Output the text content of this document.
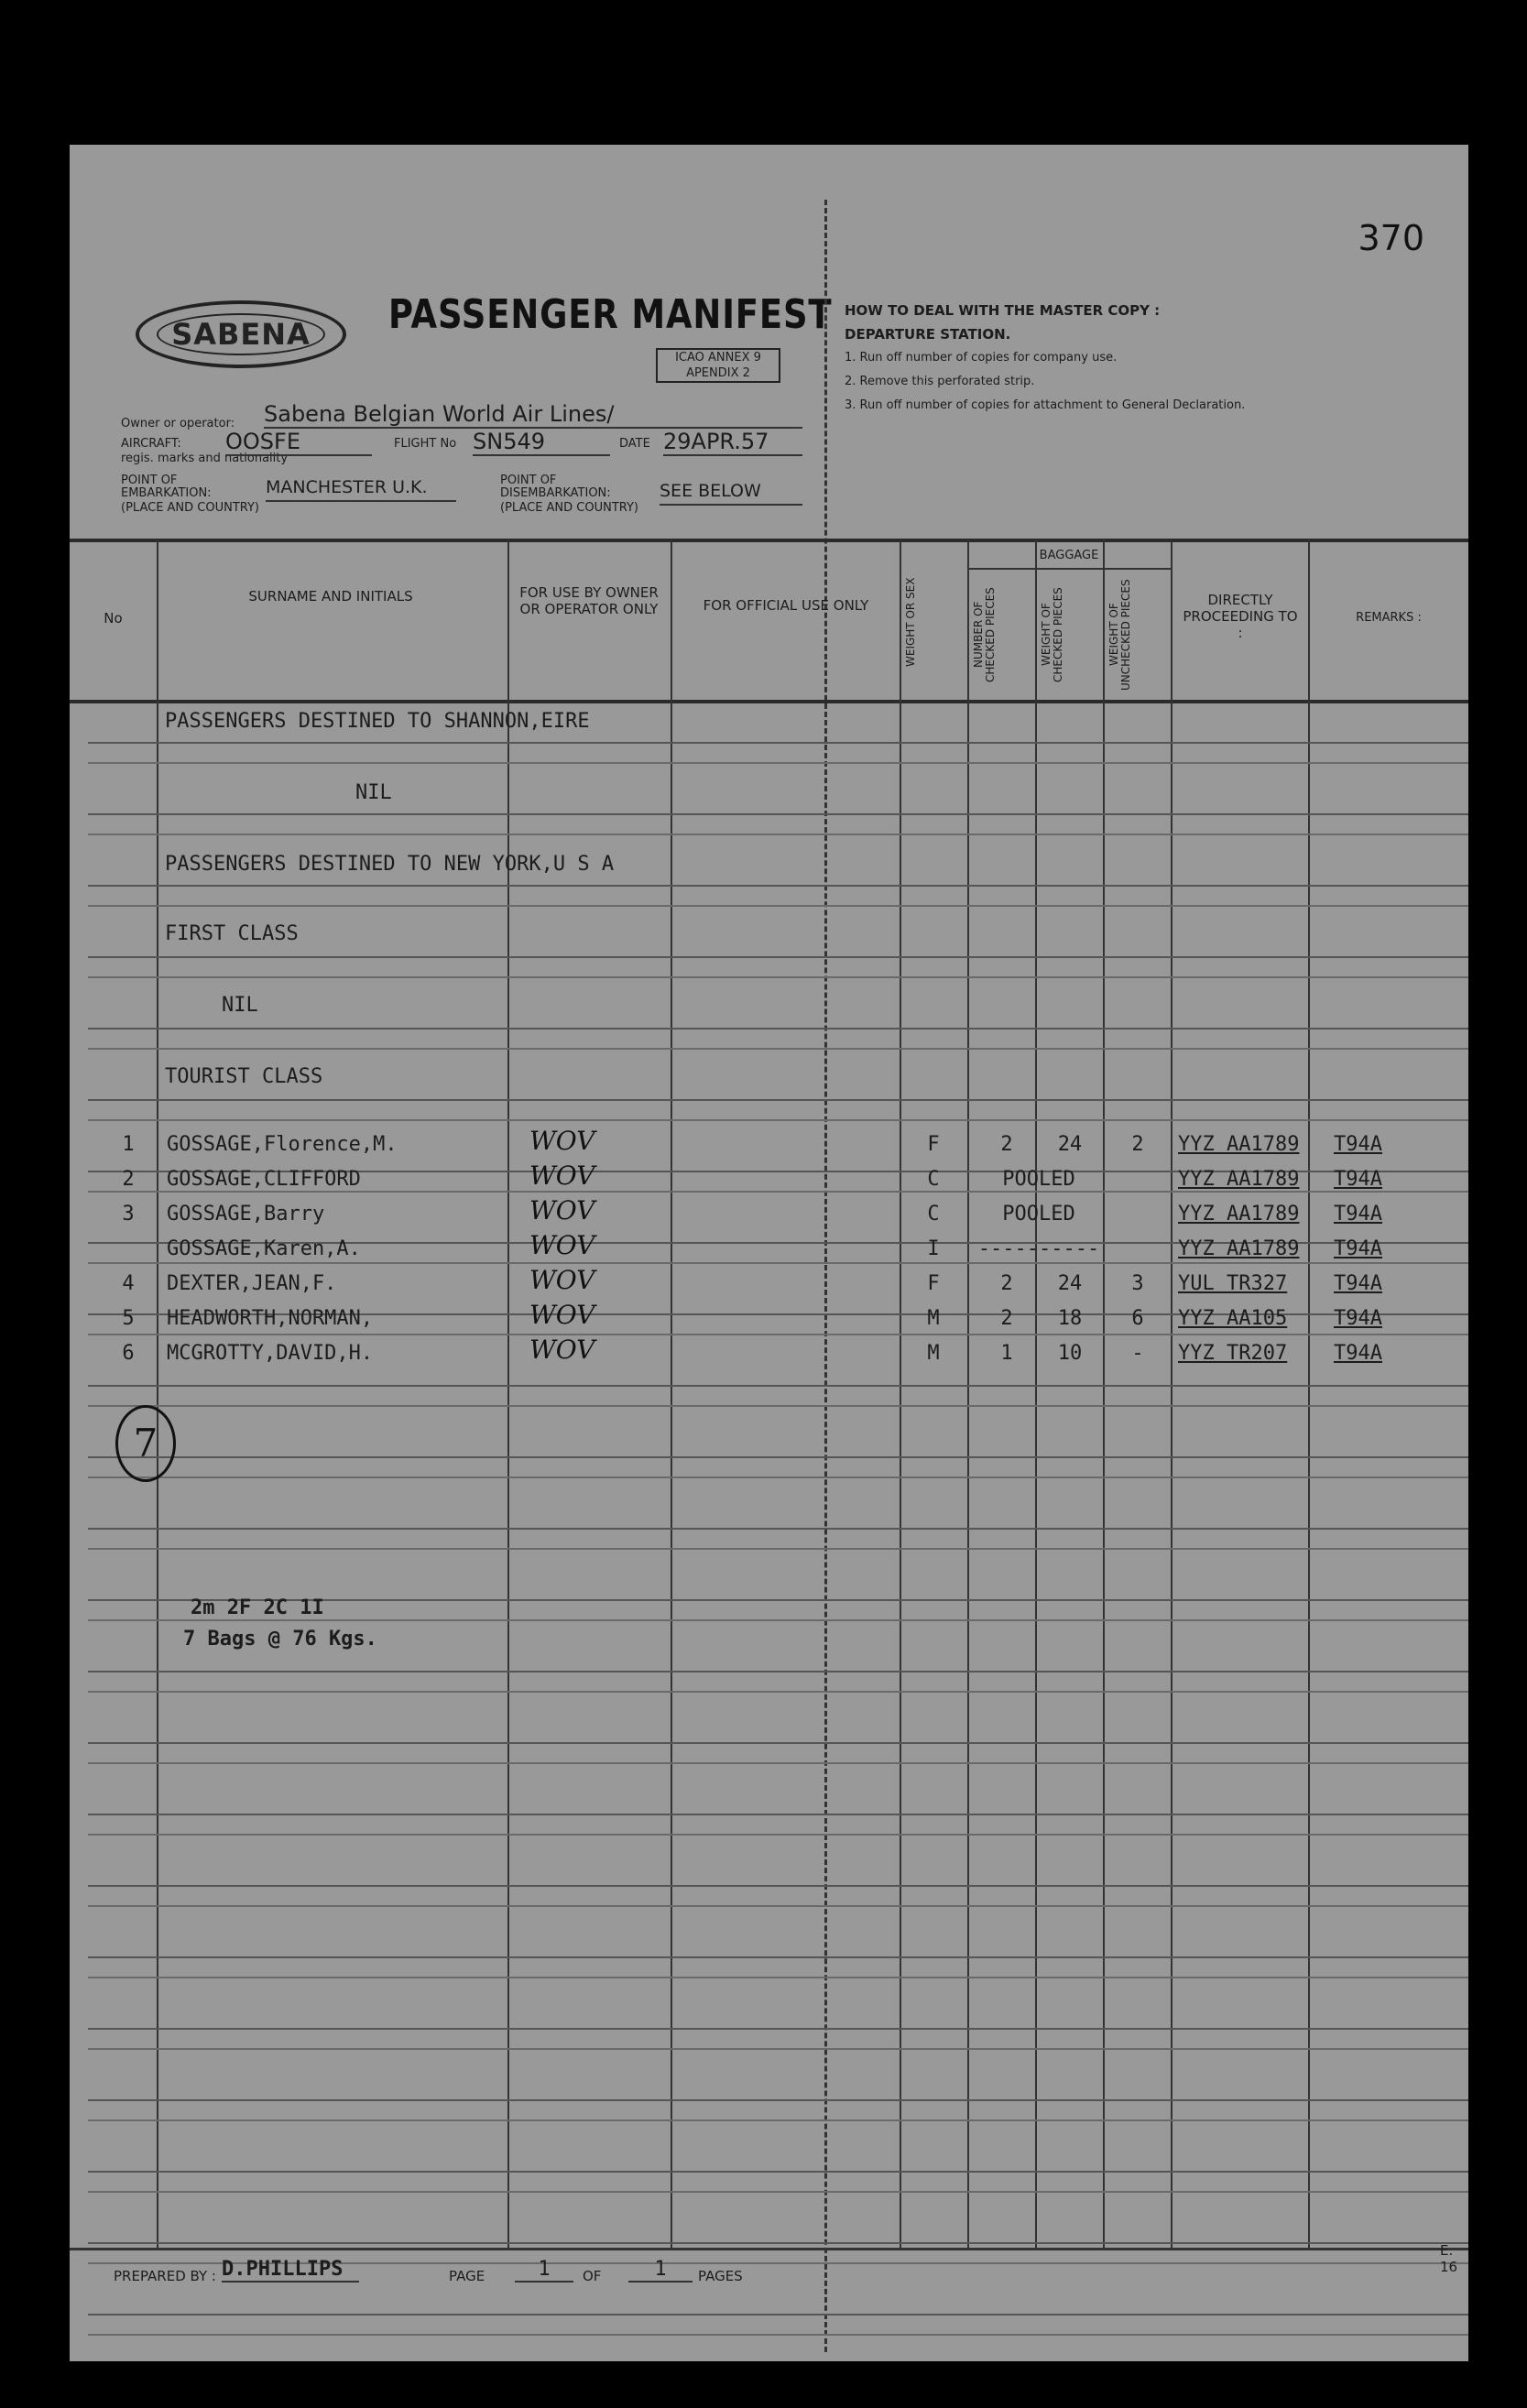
370
SABENA	PASSENGER MANIFEST
ICAO ANNEX 9
APENDIX 2
Owner or operator: Sabena Belgian World Air Lines/
AIRCRAFT:
regis. marks and nationality
OOSFE	FLIGHT No SN549	DATE 29APR.57
POINT OF EMBARKATION:
(PLACE AND COUNTRY)
MANCHESTER U.K.	POINT OF DISEMBARKATION:
(PLACE AND COUNTRY)
SEE BELOW
HOW TO DEAL WITH THE MASTER COPY :
DEPARTURE STATION.
1. Run off number of copies for company use.
2. Remove this perforated strip.
3. Run off number of copies for attachment to General Declaration.
No
SURNAME AND INITIALS	FOR USE BY OWNER OR OPERATOR ONLY	FOR OFFICIAL USE ONLY	WEIGHT OR SEX
BAGGAGE
NUMBER OF CHECKED PIECES	WEIGHT OF CHECKED PIECES	WEIGHT OF UNCHECKED PIECES	DIRECTLY PROCEEDING TO :
REMARKS :
PASSENGERS DESTINED TO SHANNON,EIRE
NIL
PASSENGERS DESTINED TO NEW YORK,U S A
FIRST CLASS
NIL
TOURIST CLASS
1	GOSSAGE,Florence,M.	WOV	F	2	24	2	YYZ AA1789	T94A
2	GOSSAGE,CLIFFORD	WOV	C	POOLED	YYZ AA1789	T94A
3	GOSSAGE,Barry	WOV	C	POOLED	YYZ AA1789	T94A
GOSSAGE,Karen,A.	WOV	I	----------	YYZ AA1789	T94A
4	DEXTER,JEAN,F.	WOV	F	2	24	3	YUL TR327	T94A
5	HEADWORTH,NORMAN,	WOV	M	2	18	6	YYZ AA105	T94A
6	MCGROTTY,DAVID,H.	WOV	M	1	10	-	YYZ TR207	T94A
7
2m 2F 2C 1I
7 Bags @ 76 Kgs.
PREPARED BY : D.PHILLIPS	PAGE	1	OF	1	PAGES
E. 16
